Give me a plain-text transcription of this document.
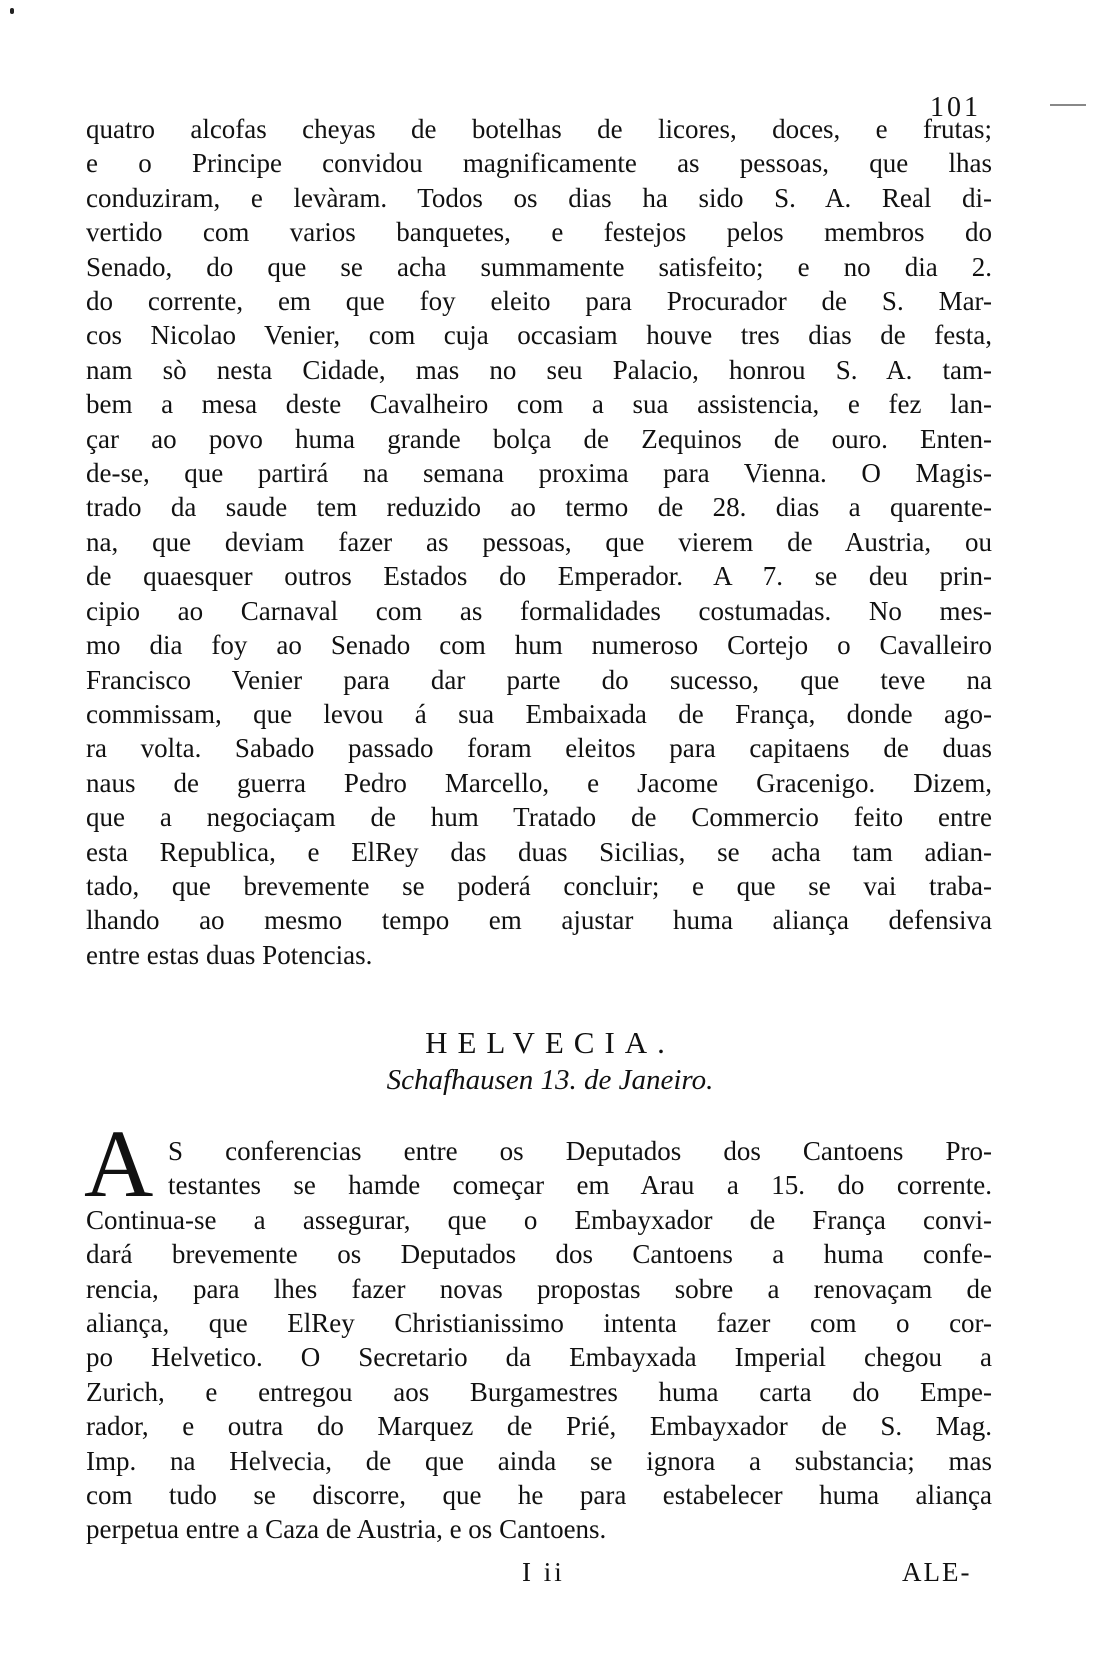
101
quatro alcofas cheyas de botelhas de licores, doces, e frutas;
e o Principe convidou magnificamente as pessoas, que lhas
conduziram, e levàram. Todos os dias ha sido S. A. Real di-
vertido com varios banquetes, e festejos pelos membros do
Senado, do que se acha summamente satisfeito; e no dia 2.
do corrente, em que foy eleito para Procurador de S. Mar-
cos Nicolao Venier, com cuja occasiam houve tres dias de festa,
nam sò nesta Cidade, mas no seu Palacio, honrou S. A. tam-
bem a mesa deste Cavalheiro com a sua assistencia, e fez lan-
çar ao povo huma grande bolça de Zequinos de ouro. Enten-
de-se, que partirá na semana proxima para Vienna. O Magis-
trado da saude tem reduzido ao termo de 28. dias a quarente-
na, que deviam fazer as pessoas, que vierem de Austria, ou
de quaesquer outros Estados do Emperador. A 7. se deu prin-
cipio ao Carnaval com as formalidades costumadas. No mes-
mo dia foy ao Senado com hum numeroso Cortejo o Cavalleiro
Francisco Venier para dar parte do sucesso, que teve na
commissam, que levou á sua Embaixada de França, donde ago-
ra volta. Sabado passado foram eleitos para capitaens de duas
naus de guerra Pedro Marcello, e Jacome Gracenigo. Dizem,
que a negociaçam de hum Tratado de Commercio feito entre
esta Republica, e ElRey das duas Sicilias, se acha tam adian-
tado, que brevemente se poderá concluir; e que se vai traba-
lhando ao mesmo tempo em ajustar huma aliança defensiva
entre estas duas Potencias.
HELVECIA.
Schafhausen 13. de Janeiro.
A S conferencias entre os Deputados dos Cantoens Pro-
testantes se hamde começar em Arau a 15. do corrente.
Continua-se a assegurar, que o Embayxador de França convi-
dará brevemente os Deputados dos Cantoens a huma confe-
rencia, para lhes fazer novas propostas sobre a renovaçam de
aliança, que ElRey Christianissimo intenta fazer com o cor-
po Helvetico. O Secretario da Embayxada Imperial chegou a
Zurich, e entregou aos Burgamestres huma carta do Empe-
rador, e outra do Marquez de Prié, Embayxador de S. Mag.
Imp. na Helvecia, de que ainda se ignora a substancia; mas
com tudo se discorre, que he para estabelecer huma aliança
perpetua entre a Caza de Austria, e os Cantoens.
I ii	ALE-
